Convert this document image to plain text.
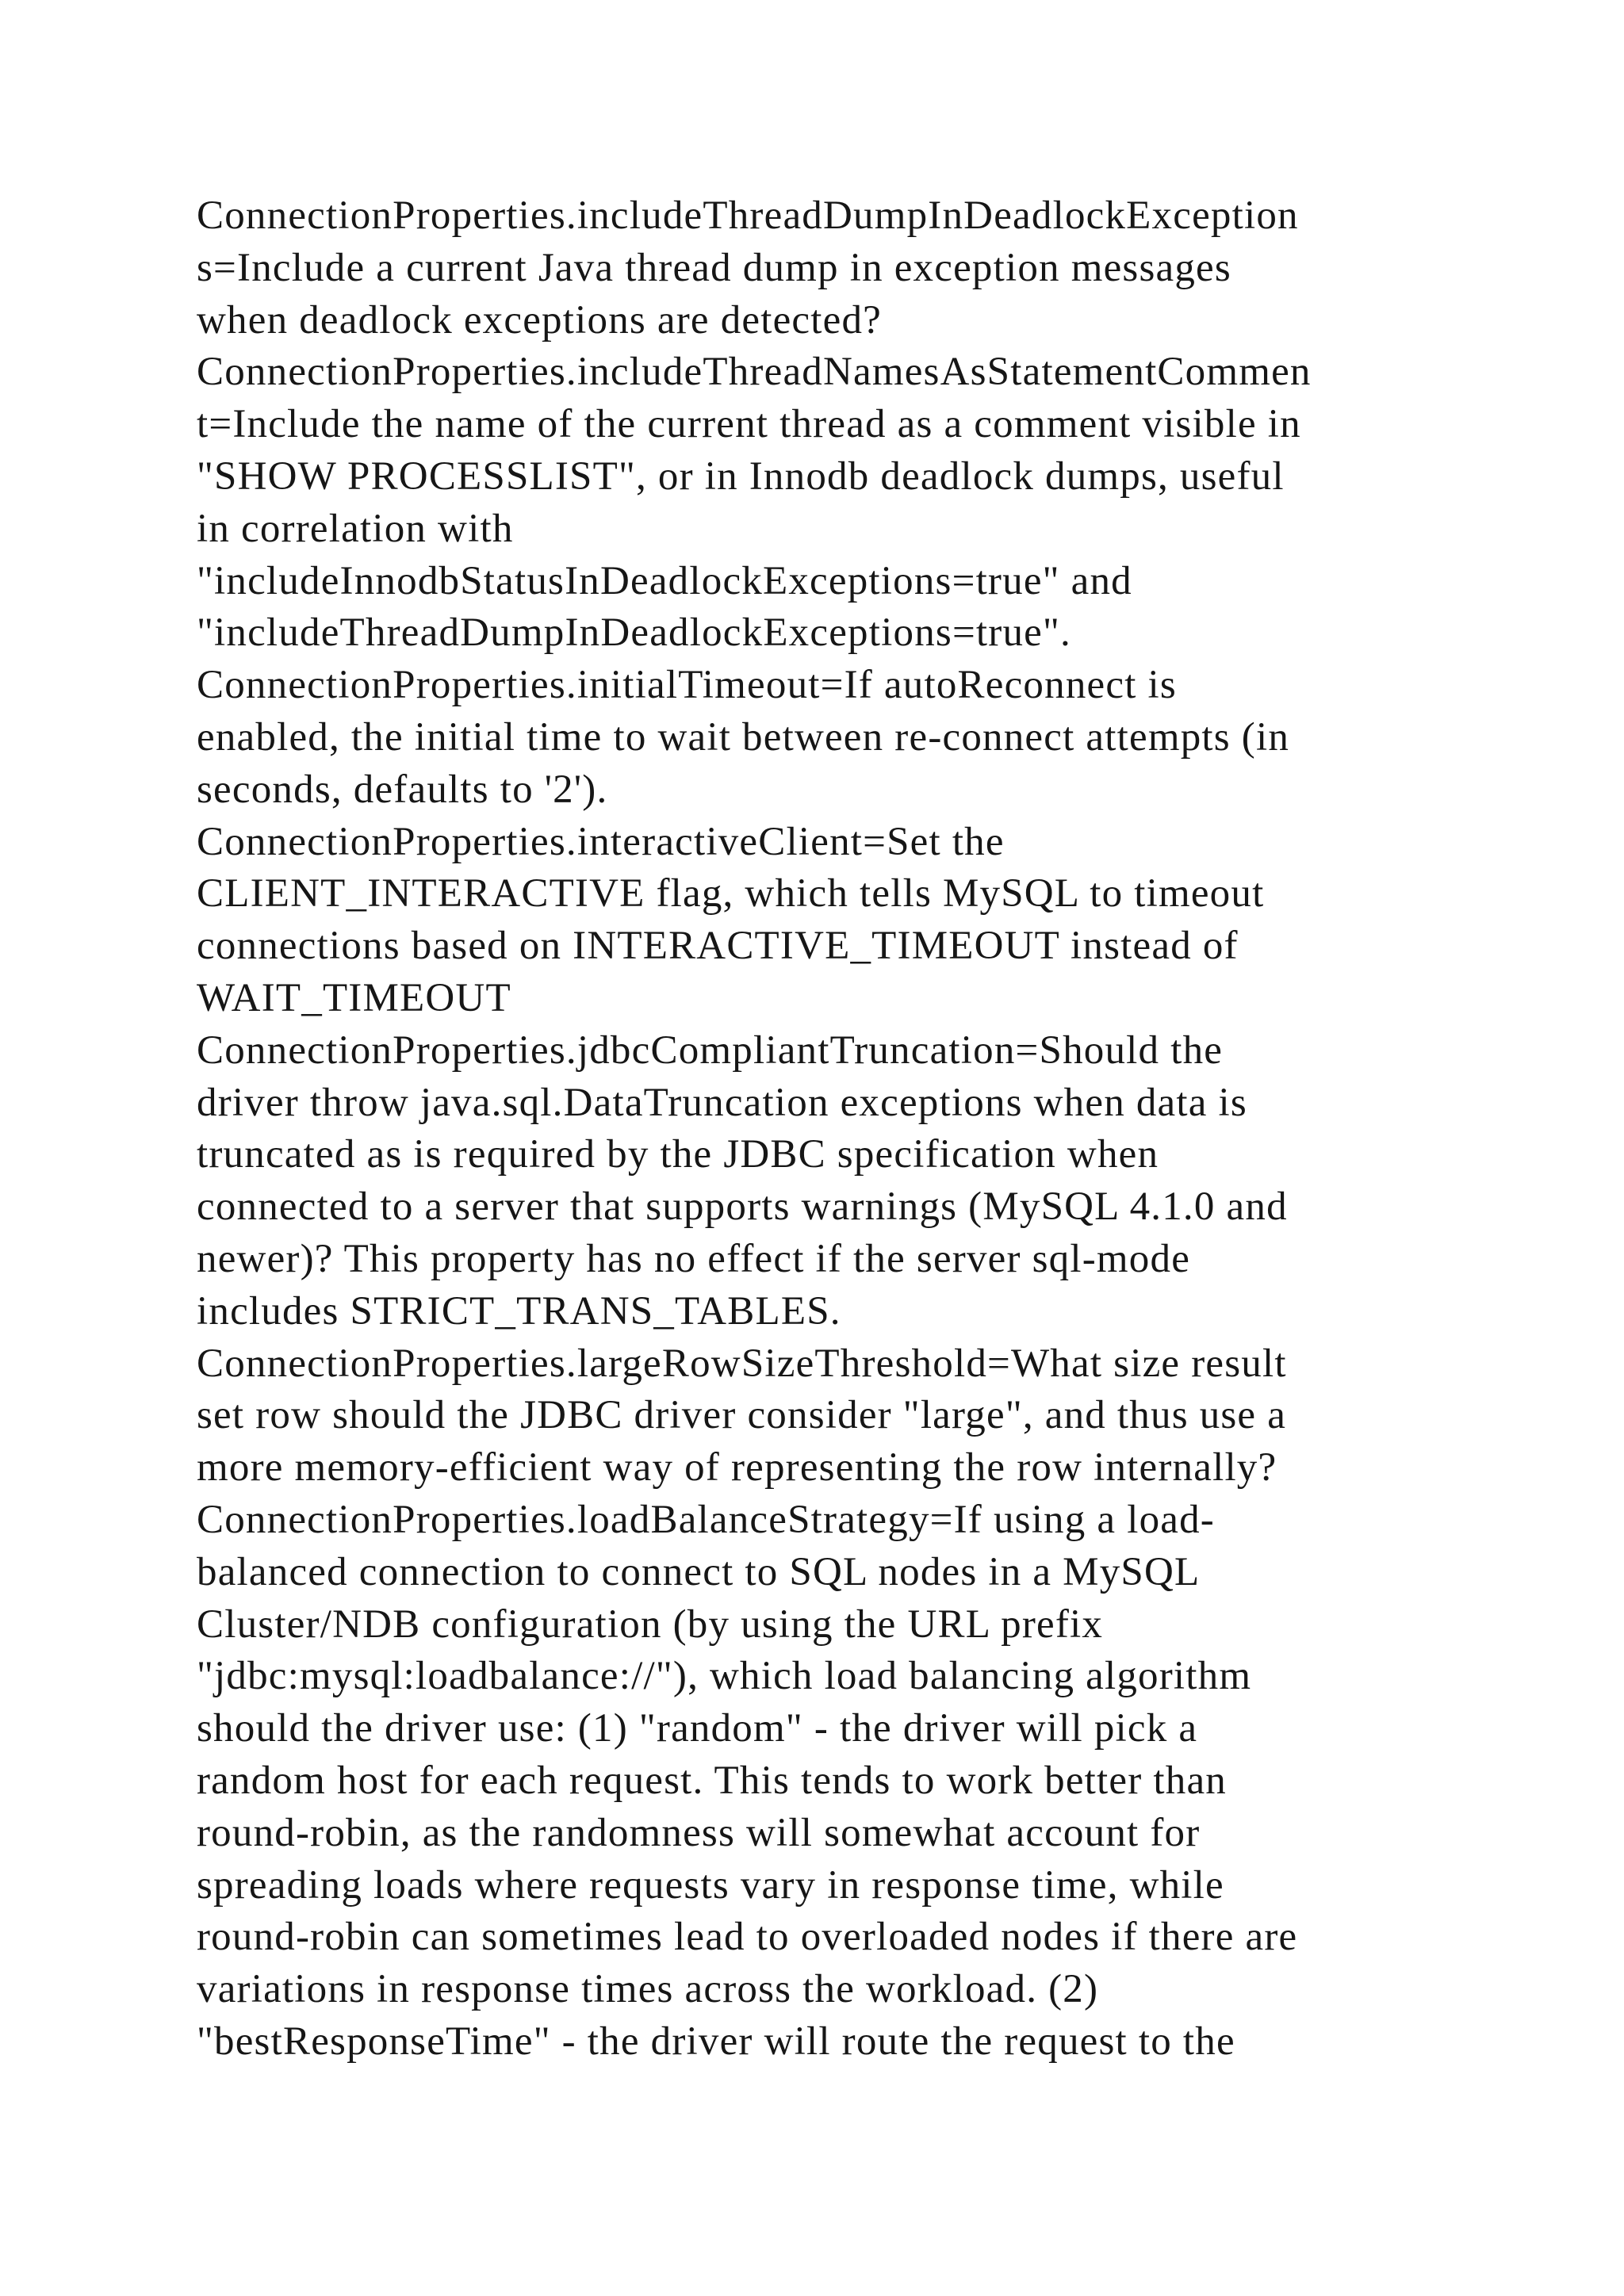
ConnectionProperties.includeThreadDumpInDeadlockException
s=Include a current Java thread dump in exception messages
when deadlock exceptions are detected?
ConnectionProperties.includeThreadNamesAsStatementCommen
t=Include the name of the current thread as a comment visible in
"SHOW PROCESSLIST", or in Innodb deadlock dumps, useful
in correlation with
"includeInnodbStatusInDeadlockExceptions=true" and
"includeThreadDumpInDeadlockExceptions=true".
ConnectionProperties.initialTimeout=If autoReconnect is
enabled, the initial time to wait between re-connect attempts (in
seconds, defaults to '2').
ConnectionProperties.interactiveClient=Set the
CLIENT_INTERACTIVE flag, which tells MySQL to timeout
connections based on INTERACTIVE_TIMEOUT instead of
WAIT_TIMEOUT
ConnectionProperties.jdbcCompliantTruncation=Should the
driver throw java.sql.DataTruncation exceptions when data is
truncated as is required by the JDBC specification when
connected to a server that supports warnings (MySQL 4.1.0 and
newer)? This property has no effect if the server sql-mode
includes STRICT_TRANS_TABLES.
ConnectionProperties.largeRowSizeThreshold=What size result
set row should the JDBC driver consider "large", and thus use a
more memory-efficient way of representing the row internally?
ConnectionProperties.loadBalanceStrategy=If using a load-
balanced connection to connect to SQL nodes in a MySQL
Cluster/NDB configuration (by using the URL prefix
"jdbc:mysql:loadbalance://"), which load balancing algorithm
should the driver use: (1) "random" - the driver will pick a
random host for each request. This tends to work better than
round-robin, as the randomness will somewhat account for
spreading loads where requests vary in response time, while
round-robin can sometimes lead to overloaded nodes if there are
variations in response times across the workload. (2)
"bestResponseTime" - the driver will route the request to the
